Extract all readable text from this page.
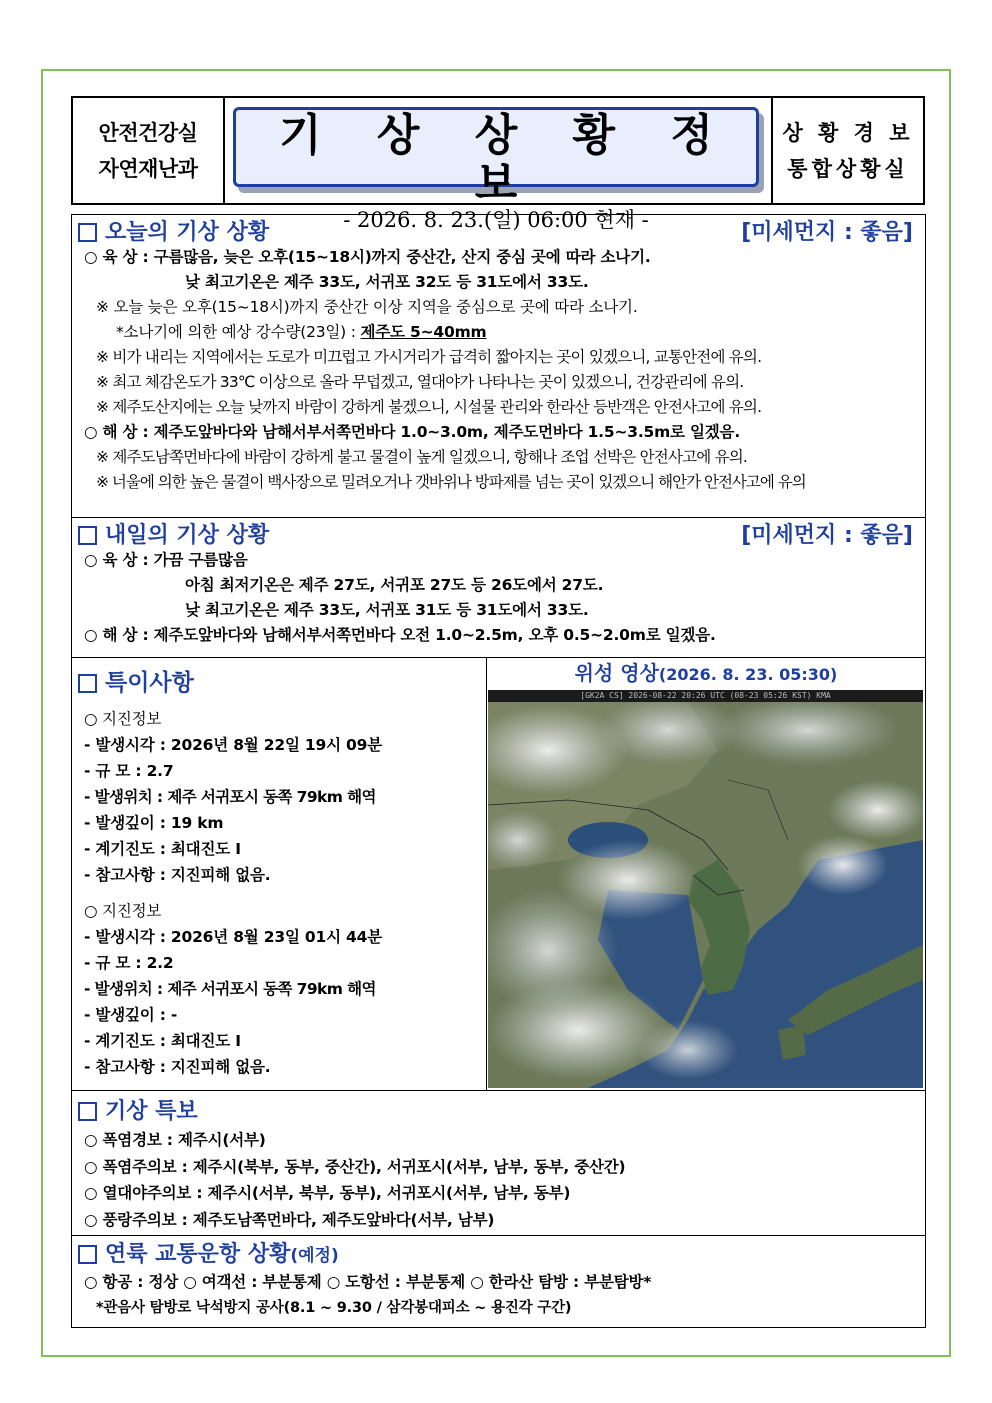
안전건강실
자연재난과
기 상 상 황 정 보
- 2026. 8. 23.(일) 06:00 현재 -
상 황 경 보
통합상황실
오늘의 기상 상황	[미세먼지 : 좋음]
○ 육 상 : 구름많음, 늦은 오후(15~18시)까지 중산간, 산지 중심 곳에 따라 소나기.
낮 최고기온은 제주 33도, 서귀포 32도 등 31도에서 33도.
※ 오늘 늦은 오후(15~18시)까지 중산간 이상 지역을 중심으로 곳에 따라 소나기.
*소나기에 의한 예상 강수량(23일) : 제주도 5~40mm
※ 비가 내리는 지역에서는 도로가 미끄럽고 가시거리가 급격히 짧아지는 곳이 있겠으니, 교통안전에 유의.
※ 최고 체감온도가 33℃ 이상으로 올라 무덥겠고, 열대야가 나타나는 곳이 있겠으니, 건강관리에 유의.
※ 제주도산지에는 오늘 낮까지 바람이 강하게 불겠으니, 시설물 관리와 한라산 등반객은 안전사고에 유의.
○ 해 상 : 제주도앞바다와 남해서부서쪽먼바다 1.0~3.0m, 제주도먼바다 1.5~3.5m로 일겠음.
※ 제주도남쪽먼바다에 바람이 강하게 불고 물결이 높게 일겠으니, 항해나 조업 선박은 안전사고에 유의.
※ 너울에 의한 높은 물결이 백사장으로 밀려오거나 갯바위나 방파제를 넘는 곳이 있겠으니 해안가 안전사고에 유의
내일의 기상 상황	[미세먼지 : 좋음]
○ 육 상 : 가끔 구름많음
아침 최저기온은 제주 27도, 서귀포 27도 등 26도에서 27도.
낮 최고기온은 제주 33도, 서귀포 31도 등 31도에서 33도.
○ 해 상 : 제주도앞바다와 남해서부서쪽먼바다 오전 1.0~2.5m, 오후 0.5~2.0m로 일겠음.
특이사항
○ 지진정보
- 발생시각 : 2026년 8월 22일 19시 09분
- 규 모 : 2.7
- 발생위치 : 제주 서귀포시 동쪽 79km 해역
- 발생깊이 : 19 km
- 계기진도 : 최대진도 Ⅰ
- 참고사항 : 지진피해 없음.
○ 지진정보
- 발생시각 : 2026년 8월 23일 01시 44분
- 규 모 : 2.2
- 발생위치 : 제주 서귀포시 동쪽 79km 해역
- 발생깊이 : -
- 계기진도 : 최대진도 Ⅰ
- 참고사항 : 지진피해 없음.
위성 영상(2026. 8. 23. 05:30)
[GK2A CS] 2026-08-22 20:26 UTC (08-23 05:26 KST) KMA
기상 특보
○ 폭염경보 : 제주시(서부)
○ 폭염주의보 : 제주시(북부, 동부, 중산간), 서귀포시(서부, 남부, 동부, 중산간)
○ 열대야주의보 : 제주시(서부, 북부, 동부), 서귀포시(서부, 남부, 동부)
○ 풍랑주의보 : 제주도남쪽먼바다, 제주도앞바다(서부, 남부)
연륙 교통운항 상황(예정)
○ 항공 : 정상 ○ 여객선 : 부분통제 ○ 도항선 : 부분통제 ○ 한라산 탐방 : 부분탐방*
*관음사 탐방로 낙석방지 공사(8.1 ~ 9.30 / 삼각봉대피소 ~ 용진각 구간)
